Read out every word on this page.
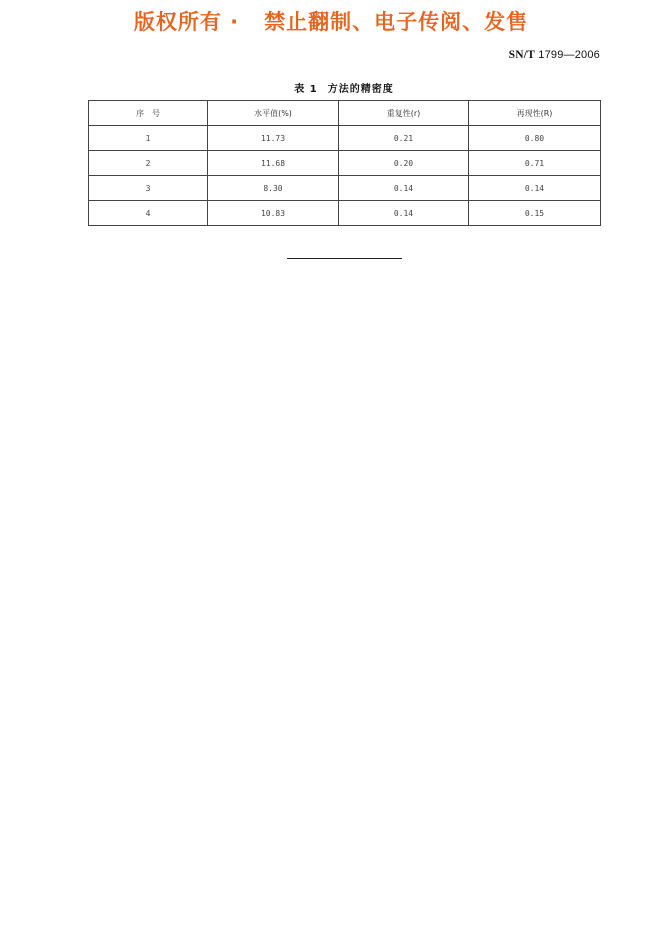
版权所有 ·   禁止翻制、电子传阅、发售
SN/T 1799—2006
表 1 方法的精密度
序　号	水平值(%)	重复性(r)	再现性(R)
1	11.73	0.21	0.80
2	11.68	0.20	0.71
3	8.30	0.14	0.14
4	10.83	0.14	0.15
